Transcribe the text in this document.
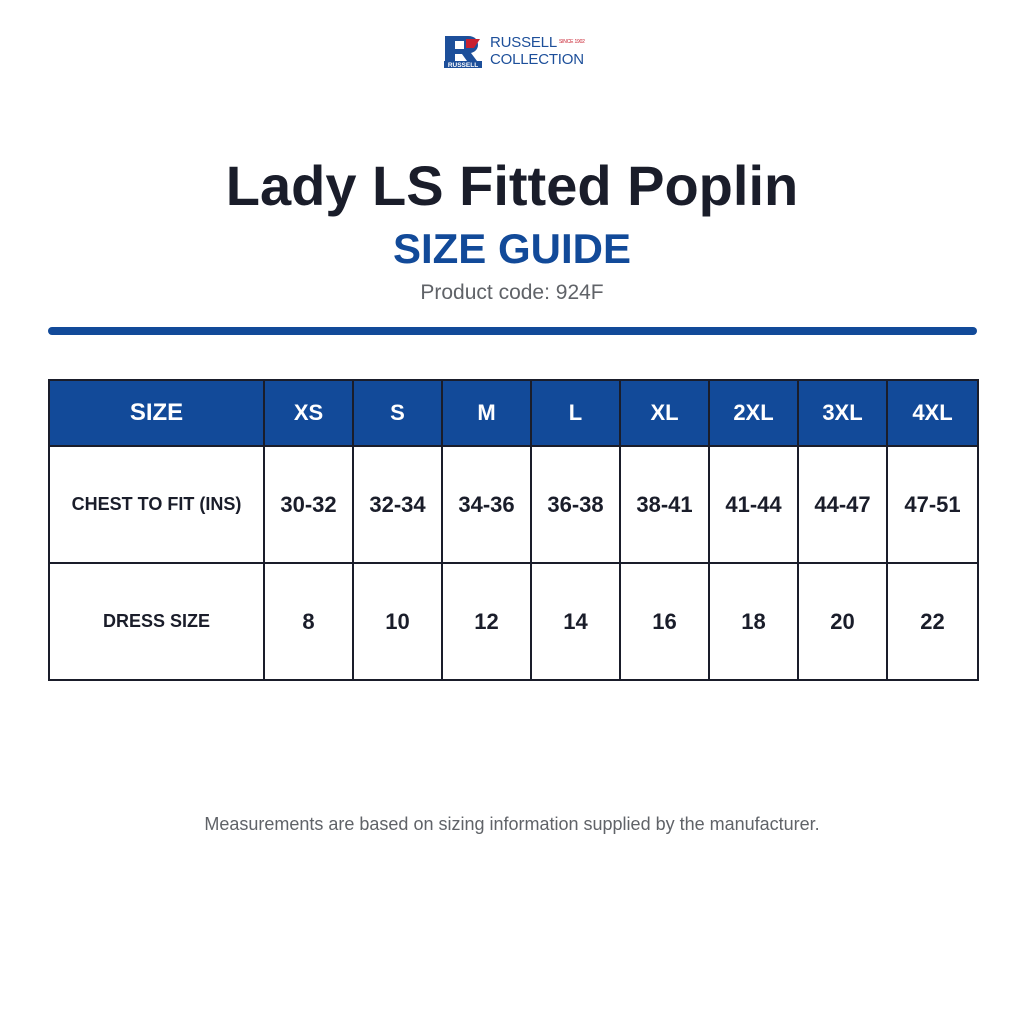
RUSSELL
RUSSELL SINCE 1902
COLLECTION
Lady LS Fitted Poplin
SIZE GUIDE
Product code: 924F
SIZE	XS	S	M	L	XL	2XL	3XL	4XL
CHEST TO FIT (INS)	30-32	32-34	34-36	36-38	38-41	41-44	44-47	47-51
DRESS SIZE	8	10	12	14	16	18	20	22
Measurements are based on sizing information supplied by the manufacturer.
